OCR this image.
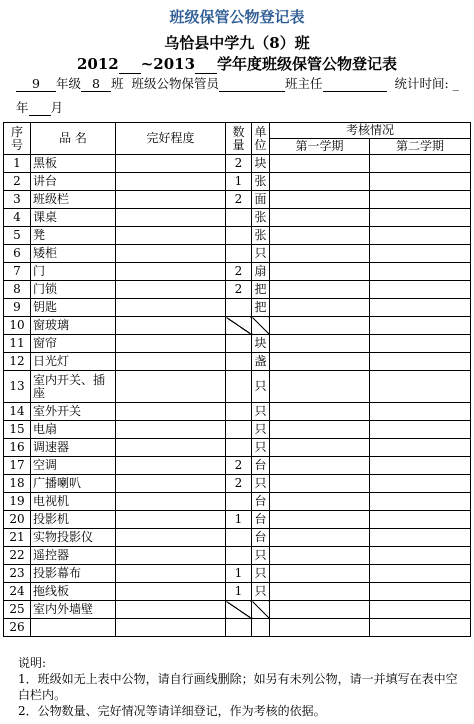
班级保管公物登记表
乌恰县中学九（8）班
2012 ~2013 学年度班级保管公物登记表
9 年级 8 班 班级公物保管员	班主任	统计时间: _
年 月
序号	品 名	完好程度	数量	单位	考核情况	
					第一学期	第二学期
1	黑板		2	块		
2	讲台		1	张		
3	班级栏		2	面		
4	课桌			张		
5	凳			张		
6	矮柜			只		
7	门		2	扇		
8	门锁		2	把		
9	钥匙			把		
10	窗玻璃					
11	窗帘			块		
12	日光灯			盏		
13	室内开关、插座			只		
14	室外开关			只		
15	电扇			只		
16	调速器			只		
17	空调		2	台		
18	广播喇叭		2	只		
19	电视机			台		
20	投影机		1	台		
21	实物投影仪			台		
22	遥控器			只		
23	投影幕布		1	只		
24	拖线板		1	只		
25	室内外墙壁					
26						
说明:
1．班级如无上表中公物，请自行画线删除；如另有未列公物，请一并填写在表中空白栏内。
2．公物数量、完好情况等请详细登记，作为考核的依据。
